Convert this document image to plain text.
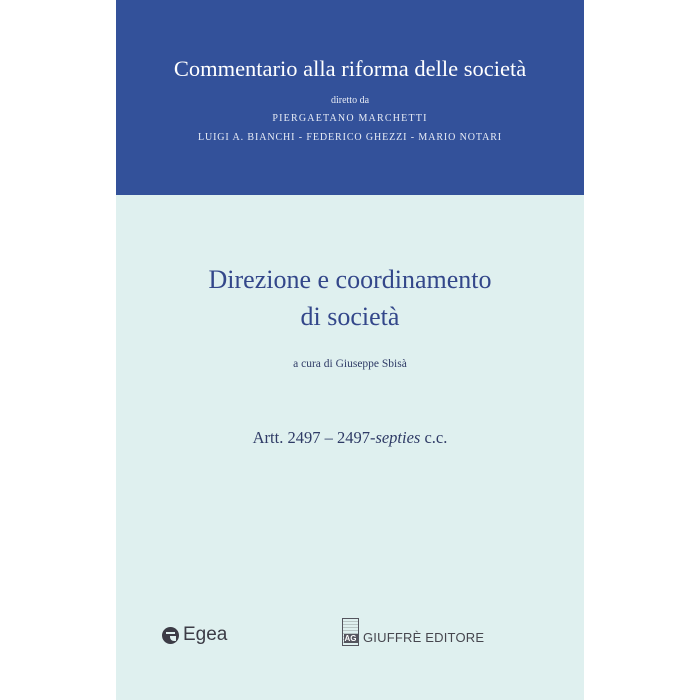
Commentario alla riforma delle società
diretto da
PIERGAETANO MARCHETTI
LUIGI A. BIANCHI - FEDERICO GHEZZI - MARIO NOTARI
Direzione e coordinamento
di società
a cura di Giuseppe Sbisà
Artt. 2497 – 2497-septies c.c.
Egea	AG GIUFFRÈ EDITORE
